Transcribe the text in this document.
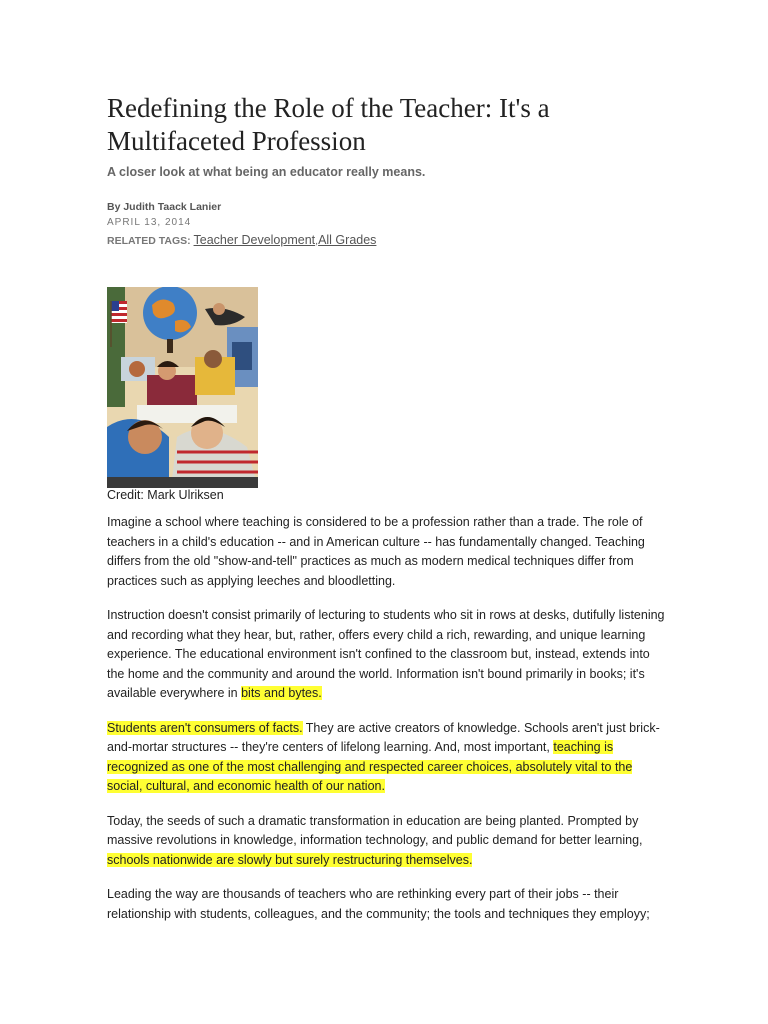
Redefining the Role of the Teacher: It's a Multifaceted Profession

A closer look at what being an educator really means.

By Judith Taack Lanier
APRIL 13, 2014
RELATED TAGS: Teacher Development,All Grades
Credit: Mark Ulriksen

Imagine a school where teaching is considered to be a profession rather than a trade. The role of teachers in a child's education -- and in American culture -- has fundamentally changed. Teaching differs from the old "show-and-tell" practices as much as modern medical techniques differ from practices such as applying leeches and bloodletting.

Instruction doesn't consist primarily of lecturing to students who sit in rows at desks, dutifully listening and recording what they hear, but, rather, offers every child a rich, rewarding, and unique learning experience. The educational environment isn't confined to the classroom but, instead, extends into the home and the community and around the world. Information isn't bound primarily in books; it's available everywhere in bits and bytes.

Students aren't consumers of facts. They are active creators of knowledge. Schools aren't just brick-and-mortar structures -- they're centers of lifelong learning. And, most important, teaching is recognized as one of the most challenging and respected career choices, absolutely vital to the social, cultural, and economic health of our nation.

Today, the seeds of such a dramatic transformation in education are being planted. Prompted by massive revolutions in knowledge, information technology, and public demand for better learning, schools nationwide are slowly but surely restructuring themselves.

Leading the way are thousands of teachers who are rethinking every part of their jobs -- their relationship with students, colleagues, and the community; the tools and techniques they employy;
